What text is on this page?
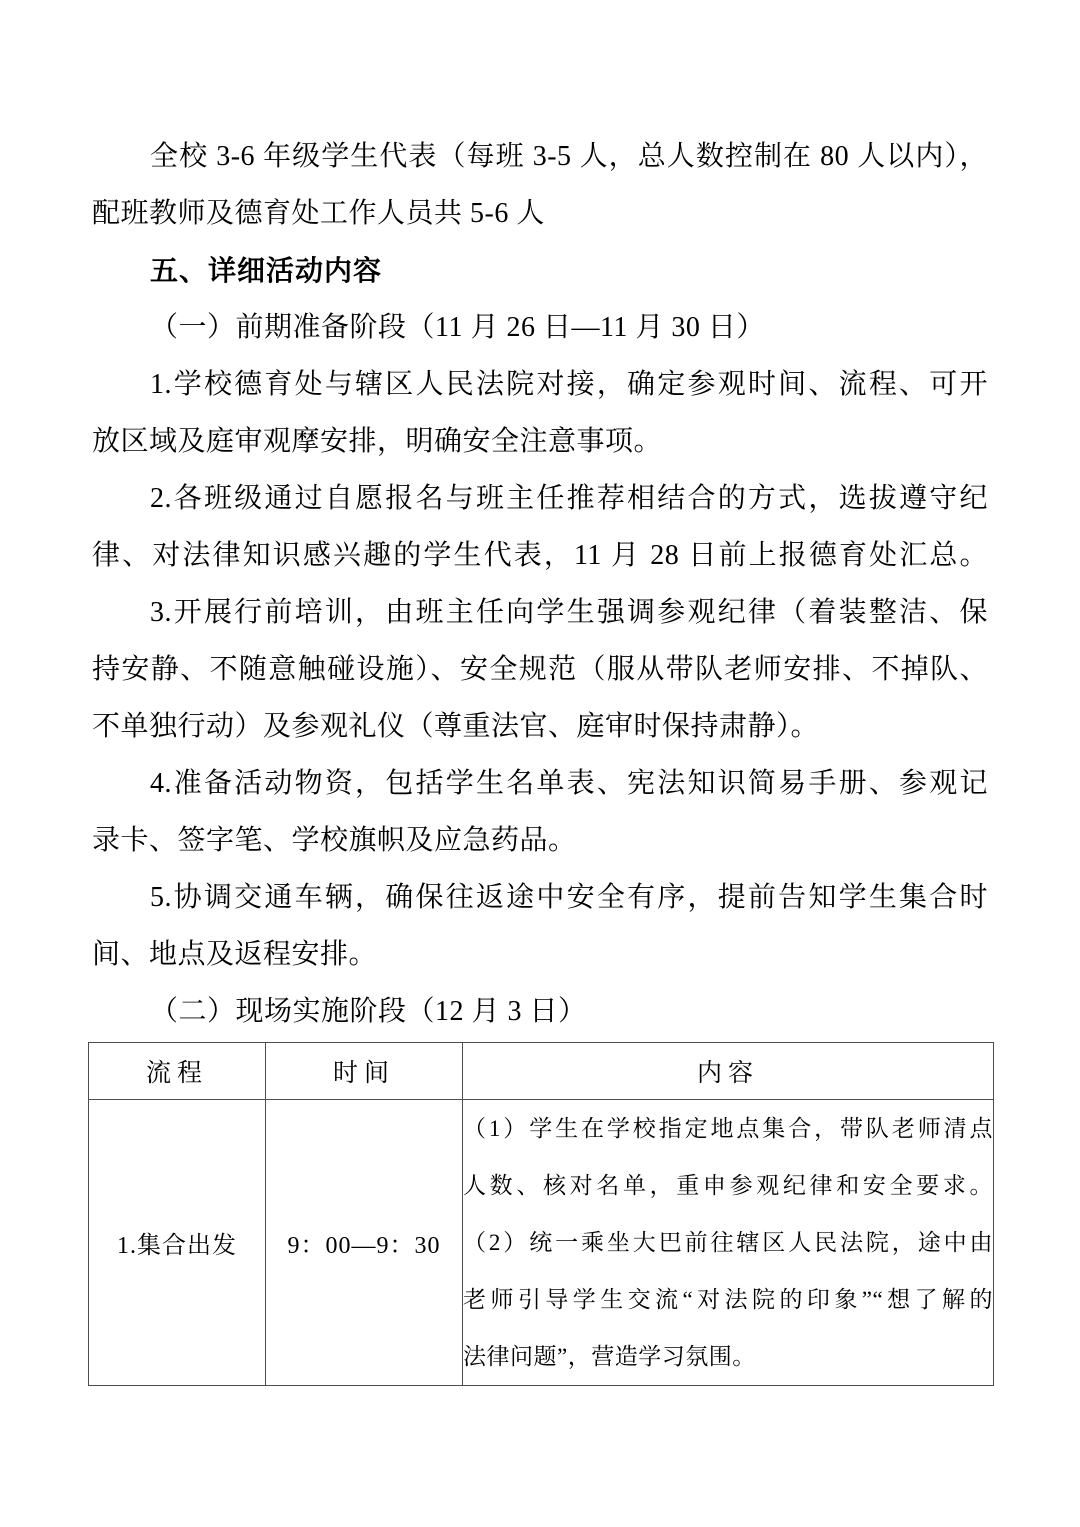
全校 3-6 年级学生代表（每班 3-5 人，总人数控制在 80 人以内），
配班教师及德育处工作人员共 5-6 人
五、详细活动内容
（一）前期准备阶段（11 月 26 日—11 月 30 日）
1.学校德育处与辖区人民法院对接，确定参观时间、流程、可开
放区域及庭审观摩安排，明确安全注意事项。
2.各班级通过自愿报名与班主任推荐相结合的方式，选拔遵守纪
律、对法律知识感兴趣的学生代表，11 月 28 日前上报德育处汇总。
3.开展行前培训，由班主任向学生强调参观纪律（着装整洁、保
持安静、不随意触碰设施）、安全规范（服从带队老师安排、不掉队、
不单独行动）及参观礼仪（尊重法官、庭审时保持肃静）。
4.准备活动物资，包括学生名单表、宪法知识简易手册、参观记
录卡、签字笔、学校旗帜及应急药品。
5.协调交通车辆，确保往返途中安全有序，提前告知学生集合时
间、地点及返程安排。
（二）现场实施阶段（12 月 3 日）
流程	时间	内容
1.集合出发	9：00—9：30	（1）学生在学校指定地点集合，带队老师清点
人数、核对名单，重申参观纪律和安全要求。
（2）统一乘坐大巴前往辖区人民法院，途中由
老师引导学生交流“对法院的印象”“想了解的
法律问题”，营造学习氛围。
